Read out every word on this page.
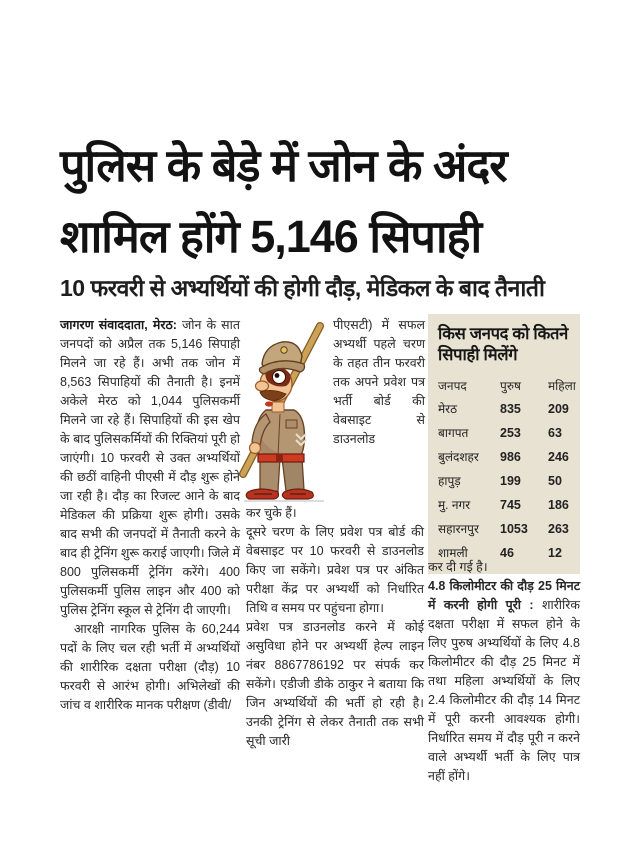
पुलिस के बेड़े में जोन के अंदर
शामिल होंगे 5,146 सिपाही
10 फरवरी से अभ्यर्थियों की होगी दौड़, मेडिकल के बाद तैनाती

जागरण संवाददाता, मेरठ: जोन के सात जनपदों को अप्रैल तक 5,146 सिपाही मिलने जा रहे हैं। अभी तक जोन में 8,563 सिपाहियों की तैनाती है। इनमें अकेले मेरठ को 1,044 पुलिसकर्मी मिलने जा रहे हैं। सिपाहियों की इस खेप के बाद पुलिसकर्मियों की रिक्तियां पूरी हो जाएंगी। 10 फरवरी से उक्त अभ्यर्थियों की छठीं वाहिनी पीएसी में दौड़ शुरू होने जा रही है। दौड़ का रिजल्ट आने के बाद मेडिकल की प्रक्रिया शुरू होगी। उसके बाद सभी की जनपदों में तैनाती करने के बाद ही ट्रेनिंग शुरू कराई जाएगी। जिले में 800 पुलिसकर्मी ट्रेनिंग करेंगे। 400 पुलिसकर्मी पुलिस लाइन और 400 को पुलिस ट्रेनिंग स्कूल से ट्रेनिंग दी जाएगी।

आरक्षी नागरिक पुलिस के 60,244 पदों के लिए चल रही भर्ती में अभ्यर्थियों की शारीरिक दक्षता परीक्षा (दौड़) 10 फरवरी से आरंभ होगी। अभिलेखों की जांच व शारीरिक मानक परीक्षण (डीवी/

पीएसटी) में सफल अभ्यर्थी पहले चरण के तहत तीन फरवरी तक अपने प्रवेश पत्र भर्ती बोर्ड की वेबसाइट से डाउनलोड

कर चुके हैं।

दूसरे चरण के लिए प्रवेश पत्र बोर्ड की वेबसाइट पर 10 फरवरी से डाउनलोड किए जा सकेंगे। प्रवेश पत्र पर अंकित परीक्षा केंद्र पर अभ्यर्थी को निर्धारित तिथि व समय पर पहुंचना होगा।

प्रवेश पत्र डाउनलोड करने में कोई असुविधा होने पर अभ्यर्थी हेल्प लाइन नंबर 8867786192 पर संपर्क कर सकेंगे। एडीजी डीके ठाकुर ने बताया कि जिन अभ्यर्थियों की भर्ती हो रही है। उनकी ट्रेनिंग से लेकर तैनाती तक सभी सूची जारी

किस जनपद को कितने
सिपाही मिलेंगे
जनपद	पुरुष	महिला
मेरठ	835	209
बागपत	253	63
बुलंदशहर	986	246
हापुड़	199	50
मु. नगर	745	186
सहारनपुर	1053	263
शामली	46	12

कर दी गई है।

4.8 किलोमीटर की दौड़ 25 मिनट में करनी होगी पूरी : शारीरिक दक्षता परीक्षा में सफल होने के लिए पुरुष अभ्यर्थियों के लिए 4.8 किलोमीटर की दौड़ 25 मिनट में तथा महिला अभ्यर्थियों के लिए 2.4 किलोमीटर की दौड़ 14 मिनट में पूरी करनी आवश्यक होगी। निर्धारित समय में दौड़ पूरी न करने वाले अभ्यर्थी भर्ती के लिए पात्र नहीं होंगे।
